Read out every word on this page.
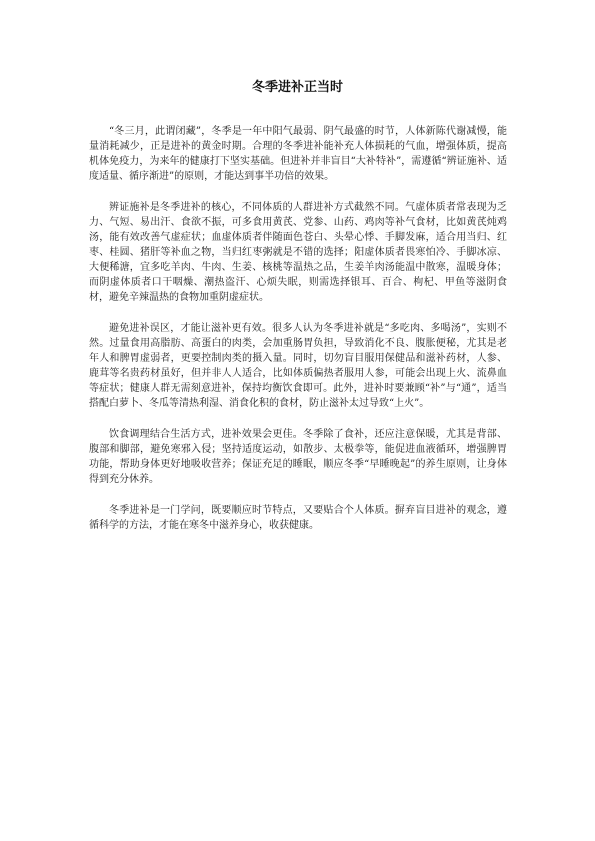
冬季进补正当时

“冬三月，此谓闭藏”，冬季是一年中阳气最弱、阴气最盛的时节，人体新陈代谢减慢，能量消耗减少，正是进补的黄金时期。合理的冬季进补能补充人体损耗的气血，增强体质，提高机体免疫力，为来年的健康打下坚实基础。但进补并非盲目“大补特补”，需遵循“辨证施补、适度适量、循序渐进”的原则，才能达到事半功倍的效果。

辨证施补是冬季进补的核心，不同体质的人群进补方式截然不同。气虚体质者常表现为乏力、气短、易出汗、食欲不振，可多食用黄芪、党参、山药、鸡肉等补气食材，比如黄芪炖鸡汤，能有效改善气虚症状；血虚体质者伴随面色苍白、头晕心悸、手脚发麻，适合用当归、红枣、桂圆、猪肝等补血之物，当归红枣粥就是不错的选择；阳虚体质者畏寒怕冷、手脚冰凉、大便稀溏，宜多吃羊肉、牛肉、生姜、核桃等温热之品，生姜羊肉汤能温中散寒，温暖身体；而阴虚体质者口干咽燥、潮热盗汗、心烦失眠，则需选择银耳、百合、枸杞、甲鱼等滋阴食材，避免辛辣温热的食物加重阴虚症状。

避免进补误区，才能让滋补更有效。很多人认为冬季进补就是“多吃肉、多喝汤”，实则不然。过量食用高脂肪、高蛋白的肉类，会加重肠胃负担，导致消化不良、腹胀便秘，尤其是老年人和脾胃虚弱者，更要控制肉类的摄入量。同时，切勿盲目服用保健品和滋补药材，人参、鹿茸等名贵药材虽好，但并非人人适合，比如体质偏热者服用人参，可能会出现上火、流鼻血等症状；健康人群无需刻意进补，保持均衡饮食即可。此外，进补时要兼顾“补”与“通”，适当搭配白萝卜、冬瓜等清热利湿、消食化积的食材，防止滋补太过导致“上火”。

饮食调理结合生活方式，进补效果会更佳。冬季除了食补，还应注意保暖，尤其是背部、腹部和脚部，避免寒邪入侵；坚持适度运动，如散步、太极拳等，能促进血液循环，增强脾胃功能，帮助身体更好地吸收营养；保证充足的睡眠，顺应冬季“早睡晚起”的养生原则，让身体得到充分休养。

冬季进补是一门学问，既要顺应时节特点，又要贴合个人体质。摒弃盲目进补的观念，遵循科学的方法，才能在寒冬中滋养身心，收获健康。
